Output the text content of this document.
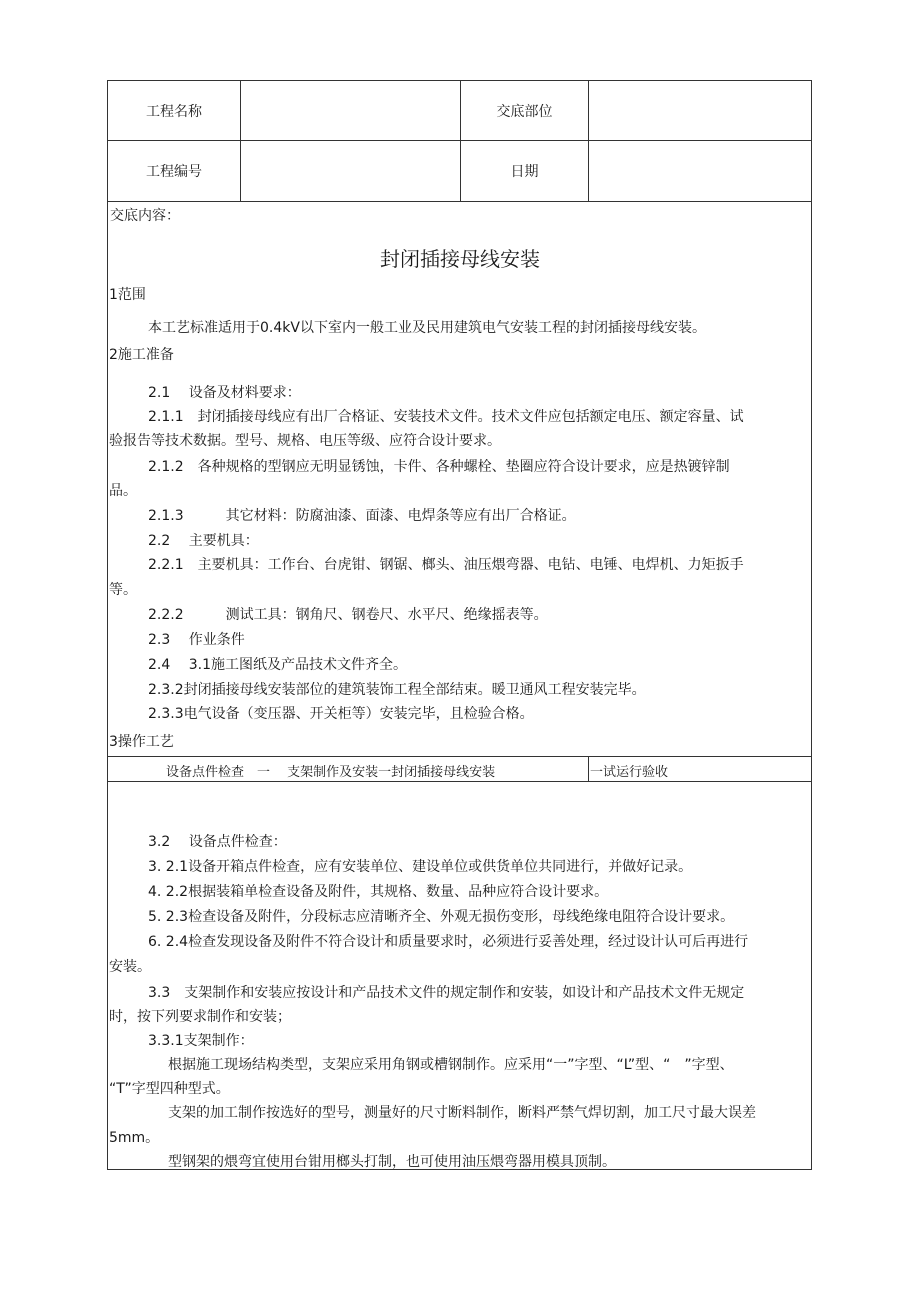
工程名称	交底部位
工程编号	日期
交底内容：
封闭插接母线安装
1范围
本工艺标准适用于0.4kV以下室内一般工业及民用建筑电气安装工程的封闭插接母线安装。
2施工准备
2.1　 设备及材料要求：
2.1.1　封闭插接母线应有出厂合格证、安装技术文件。技术文件应包括额定电压、额定容量、试
验报告等技术数据。型号、规格、电压等级、应符合设计要求。
2.1.2　各种规格的型钢应无明显锈蚀，卡件、各种螺栓、垫圈应符合设计要求，应是热镀锌制
品。
2.1.3　　　其它材料：防腐油漆、面漆、电焊条等应有出厂合格证。
2.2　 主要机具：
2.2.1　主要机具：工作台、台虎钳、钢锯、榔头、油压煨弯器、电钻、电锤、电焊机、力矩扳手
等。
2.2.2　　　测试工具：钢角尺、钢卷尺、水平尺、绝缘摇表等。
2.3　 作业条件
2.4　 3.1施工图纸及产品技术文件齐全。
2.3.2封闭插接母线安装部位的建筑装饰工程全部结束。暖卫通风工程安装完毕。
2.3.3电气设备（变压器、开关柜等）安装完毕，且检验合格。
3操作工艺
设备点件检查　一　 支架制作及安装一封闭插接母线安装	一试运行验收
3.2　 设备点件检查：
3. 2.1设备开箱点件检查，应有安装单位、建设单位或供货单位共同进行，并做好记录。
4. 2.2根据装箱单检查设备及附件，其规格、数量、品种应符合设计要求。
5. 2.3检查设备及附件，分段标志应清晰齐全、外观无损伤变形，母线绝缘电阻符合设计要求。
6. 2.4检查发现设备及附件不符合设计和质量要求时，必须进行妥善处理，经过设计认可后再进行
安装。
3.3　支架制作和安装应按设计和产品技术文件的规定制作和安装，如设计和产品技术文件无规定
时，按下列要求制作和安装；
3.3.1支架制作：
根据施工现场结构类型，支架应采用角钢或槽钢制作。应采用“一”字型、“L”型、“　”字型、
“T”字型四种型式。
支架的加工制作按选好的型号，测量好的尺寸断料制作，断料严禁气焊切割，加工尺寸最大误差
5mm。
型钢架的煨弯宜使用台钳用榔头打制，也可使用油压煨弯器用模具顶制。
